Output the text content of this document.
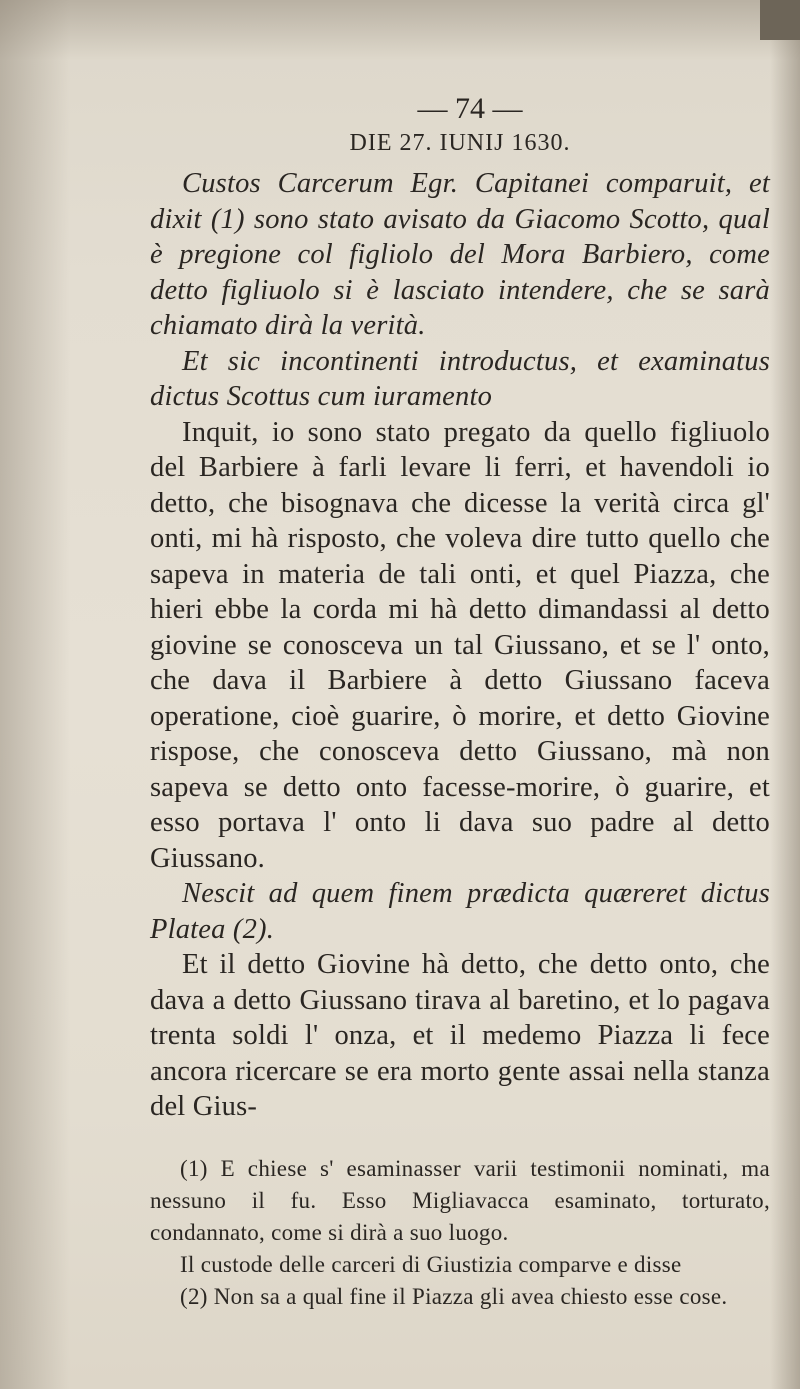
— 74 —
DIE 27. IUNIJ 1630.

Custos Carcerum Egr. Capitanei comparuit, et dixit (1) sono stato avisato da Giacomo Scotto, qual è pregione col figliolo del Mora Barbiero, come detto figliuolo si è lasciato intendere, che se sarà chiamato dirà la verità.

Et sic incontinenti introductus, et examinatus dictus Scottus cum iuramento

Inquit, io sono stato pregato da quello figliuolo del Barbiere à farli levare li ferri, et havendoli io detto, che bisognava che dicesse la verità circa gl' onti, mi hà risposto, che voleva dire tutto quello che sapeva in materia de tali onti, et quel Piazza, che hieri ebbe la corda mi hà detto dimandassi al detto giovine se conosceva un tal Giussano, et se l' onto, che dava il Barbiere à detto Giussano faceva operatione, cioè guarire, ò morire, et detto Giovine rispose, che conosceva detto Giussano, mà non sapeva se detto onto facesse-morire, ò guarire, et esso portava l' onto li dava suo padre al detto Giussano.

Nescit ad quem finem prædicta quæreret dictus Platea (2).

Et il detto Giovine hà detto, che detto onto, che dava a detto Giussano tirava al baretino, et lo pagava trenta soldi l' onza, et il medemo Piazza li fece ancora ricercare se era morto gente assai nella stanza del Gius-

(1) E chiese s' esaminasser varii testimonii nominati, ma nessuno il fu. Esso Migliavacca esaminato, torturato, condannato, come si dirà a suo luogo.

Il custode delle carceri di Giustizia comparve e disse

(2) Non sa a qual fine il Piazza gli avea chiesto esse cose.
